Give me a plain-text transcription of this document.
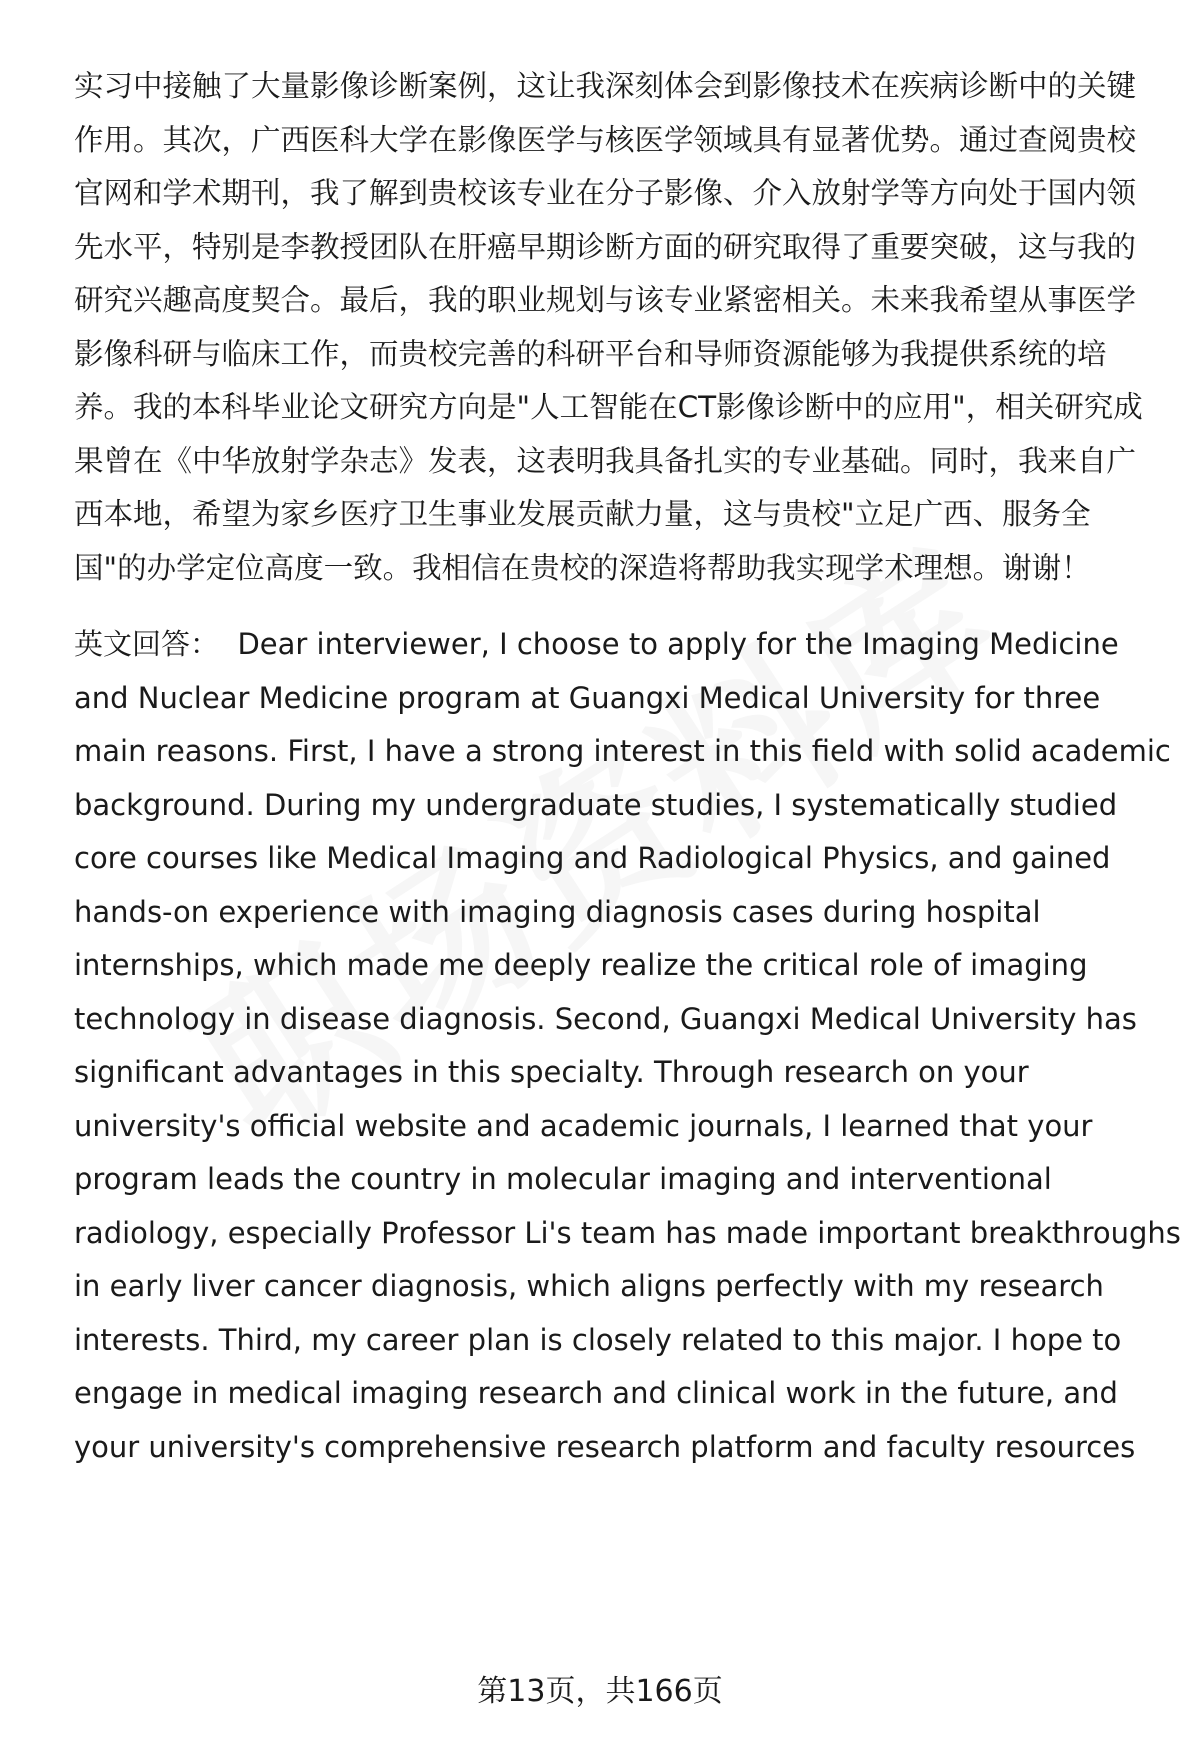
实习中接触了大量影像诊断案例，这让我深刻体会到影像技术在疾病诊断中的关键
作用。其次，广西医科大学在影像医学与核医学领域具有显著优势。通过查阅贵校
官网和学术期刊，我了解到贵校该专业在分子影像、介入放射学等方向处于国内领
先水平，特别是李教授团队在肝癌早期诊断方面的研究取得了重要突破，这与我的
研究兴趣高度契合。最后，我的职业规划与该专业紧密相关。未来我希望从事医学
影像科研与临床工作，而贵校完善的科研平台和导师资源能够为我提供系统的培
养。我的本科毕业论文研究方向是"人工智能在CT影像诊断中的应用"，相关研究成
果曾在《中华放射学杂志》发表，这表明我具备扎实的专业基础。同时，我来自广
西本地，希望为家乡医疗卫生事业发展贡献力量，这与贵校"立足广西、服务全
国"的办学定位高度一致。我相信在贵校的深造将帮助我实现学术理想。谢谢！
英文回答： Dear interviewer, I choose to apply for the Imaging Medicine
and Nuclear Medicine program at Guangxi Medical University for three
main reasons. First, I have a strong interest in this field with solid academic
background. During my undergraduate studies, I systematically studied
core courses like Medical Imaging and Radiological Physics, and gained
hands-on experience with imaging diagnosis cases during hospital
internships, which made me deeply realize the critical role of imaging
technology in disease diagnosis. Second, Guangxi Medical University has
significant advantages in this specialty. Through research on your
university's official website and academic journals, I learned that your
program leads the country in molecular imaging and interventional
radiology, especially Professor Li's team has made important breakthroughs
in early liver cancer diagnosis, which aligns perfectly with my research
interests. Third, my career plan is closely related to this major. I hope to
engage in medical imaging research and clinical work in the future, and
your university's comprehensive research platform and faculty resources
第13页，共166页
